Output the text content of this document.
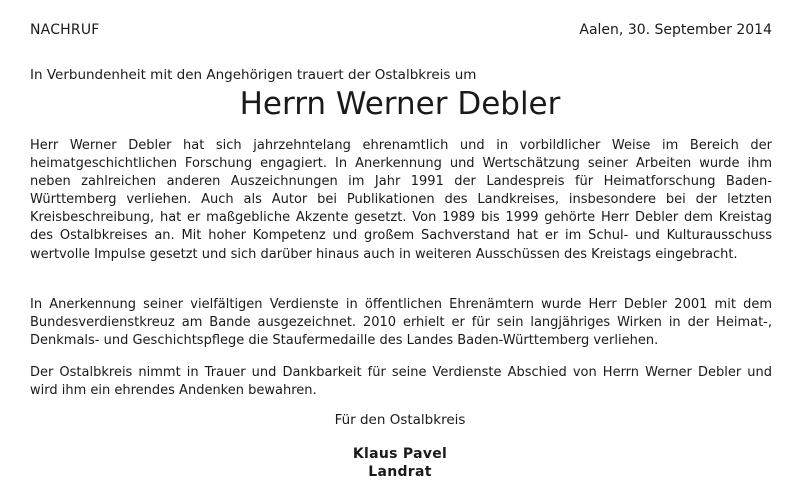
NACHRUF	Aalen, 30. September 2014
In Verbundenheit mit den Angehörigen trauert der Ostalbkreis um
Herrn Werner Debler

Herr Werner Debler hat sich jahrzehntelang ehrenamtlich und in vorbildlicher Weise im Bereich der heimatgeschichtlichen Forschung engagiert. In Anerkennung und Wertschätzung seiner Arbeiten wurde ihm neben zahlreichen anderen Auszeichnungen im Jahr 1991 der Landespreis für Heimatforschung Baden-Württemberg verliehen. Auch als Autor bei Publikationen des Landkreises, insbesondere bei der letzten Kreisbeschreibung, hat er maßgebliche Akzente gesetzt. Von 1989 bis 1999 gehörte Herr Debler dem Kreistag des Ostalbkreises an. Mit hoher Kompetenz und großem Sachverstand hat er im Schul- und Kulturausschuss wertvolle Impulse gesetzt und sich darüber hinaus auch in weiteren Ausschüssen des Kreistags eingebracht.

In Anerkennung seiner vielfältigen Verdienste in öffentlichen Ehrenämtern wurde Herr Debler 2001 mit dem Bundesverdienstkreuz am Bande ausgezeichnet. 2010 erhielt er für sein langjähriges Wirken in der Heimat-, Denkmals- und Geschichtspflege die Staufermedaille des Landes Baden-Württemberg verliehen.

Der Ostalbkreis nimmt in Trauer und Dankbarkeit für seine Verdienste Abschied von Herrn Werner Debler und wird ihm ein ehrendes Andenken bewahren.

Für den Ostalbkreis
Klaus Pavel
Landrat
